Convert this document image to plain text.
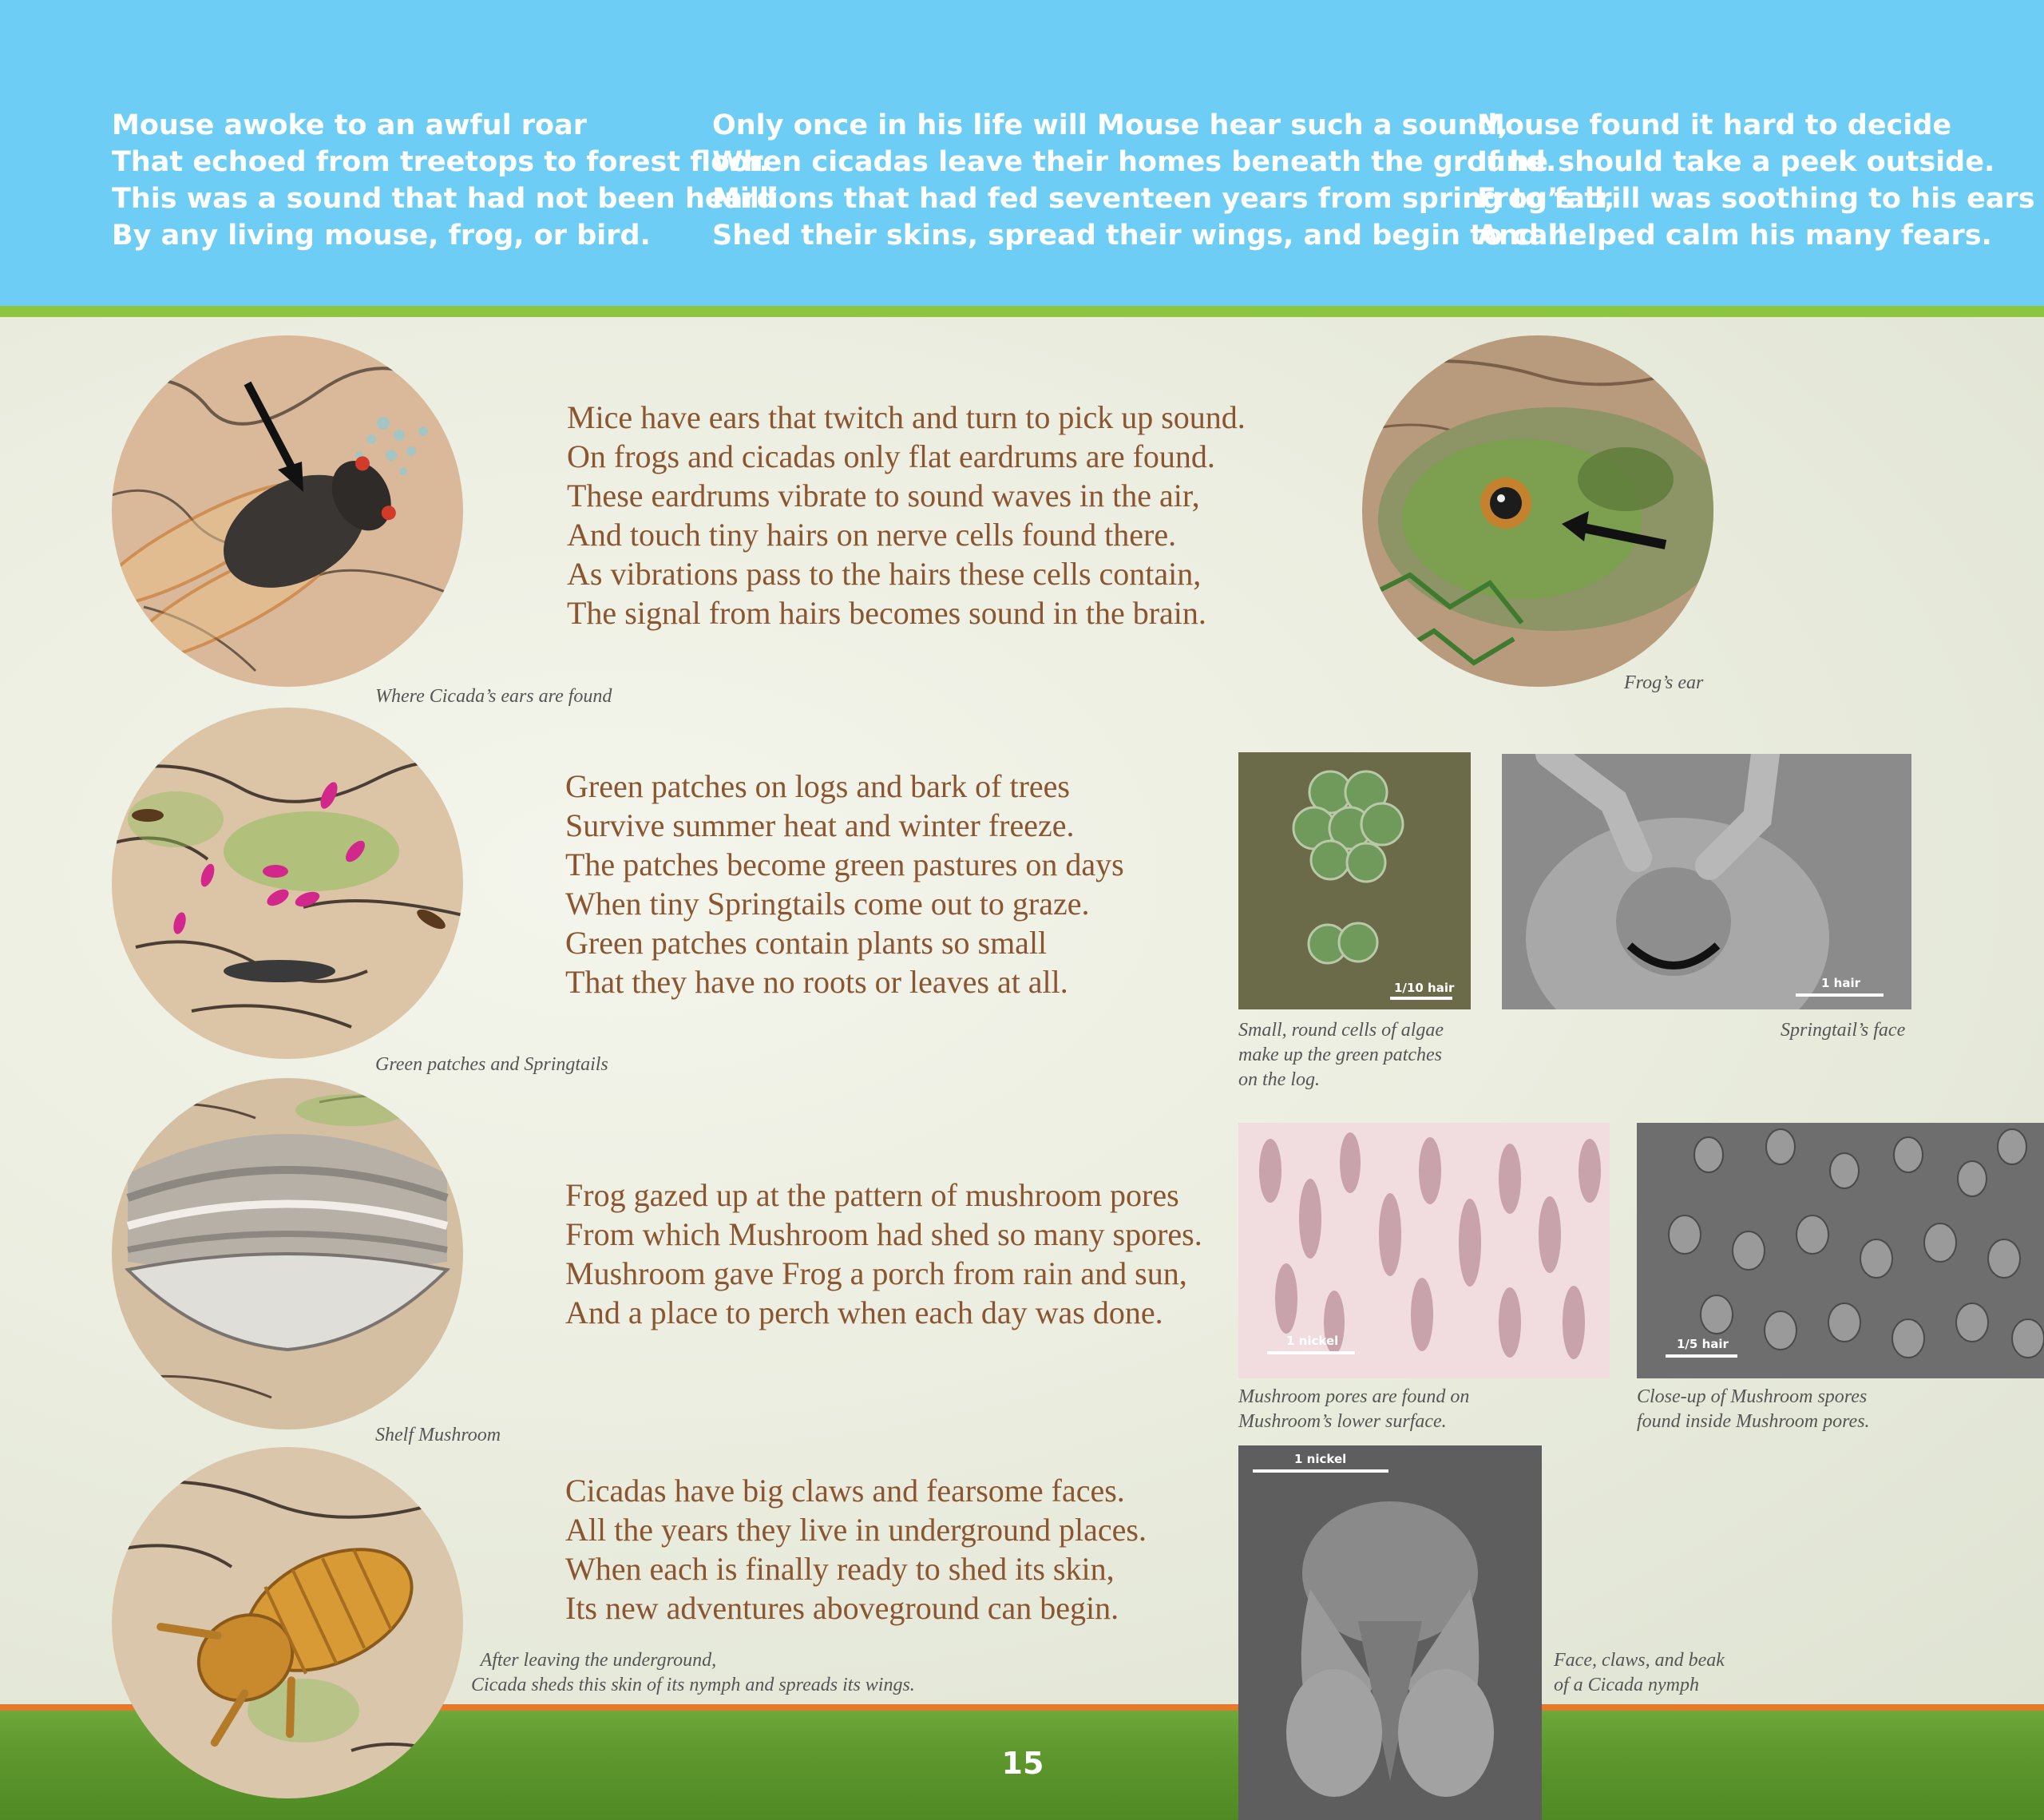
Mouse awoke to an awful roar
That echoed from treetops to forest floor.
This was a sound that had not been heard
By any living mouse, frog, or bird.
Only once in his life will Mouse hear such a sound,
When cicadas leave their homes beneath the ground.
Millions that had fed seventeen years from spring to fall,
Shed their skins, spread their wings, and begin to call.
Mouse found it hard to decide
If he should take a peek outside.
Frog’s trill was soothing to his ears
And helped calm his many fears.
Where Cicada’s ears are found
Mice have ears that twitch and turn to pick up sound.
On frogs and cicadas only flat eardrums are found.
These eardrums vibrate to sound waves in the air,
And touch tiny hairs on nerve cells found there.
As vibrations pass to the hairs these cells contain,
The signal from hairs becomes sound in the brain.
Frog’s ear
Green patches and Springtails
Green patches on logs and bark of trees
Survive summer heat and winter freeze.
The patches become green pastures on days
When tiny Springtails come out to graze.
Green patches contain plants so small
That they have no roots or leaves at all.	1/10 hair
Small, round cells of algae
make up the green patches
on the log.
1 hair
Springtail’s face
Shelf Mushroom
Frog gazed up at the pattern of mushroom pores
From which Mushroom had shed so many spores.
Mushroom gave Frog a porch from rain and sun,
And a place to perch when each day was done.
1 nickel
Mushroom pores are found on
Mushroom’s lower surface.
1/5 hair
Close-up of Mushroom spores
found inside Mushroom pores.
Cicadas have big claws and fearsome faces.
All the years they live in underground places.
When each is finally ready to shed its skin,
Its new adventures aboveground can begin.
After leaving the underground,
Cicada sheds this skin of its nymph and spreads its wings.
1 nickel
Face, claws, and beak
of a Cicada nymph
15
